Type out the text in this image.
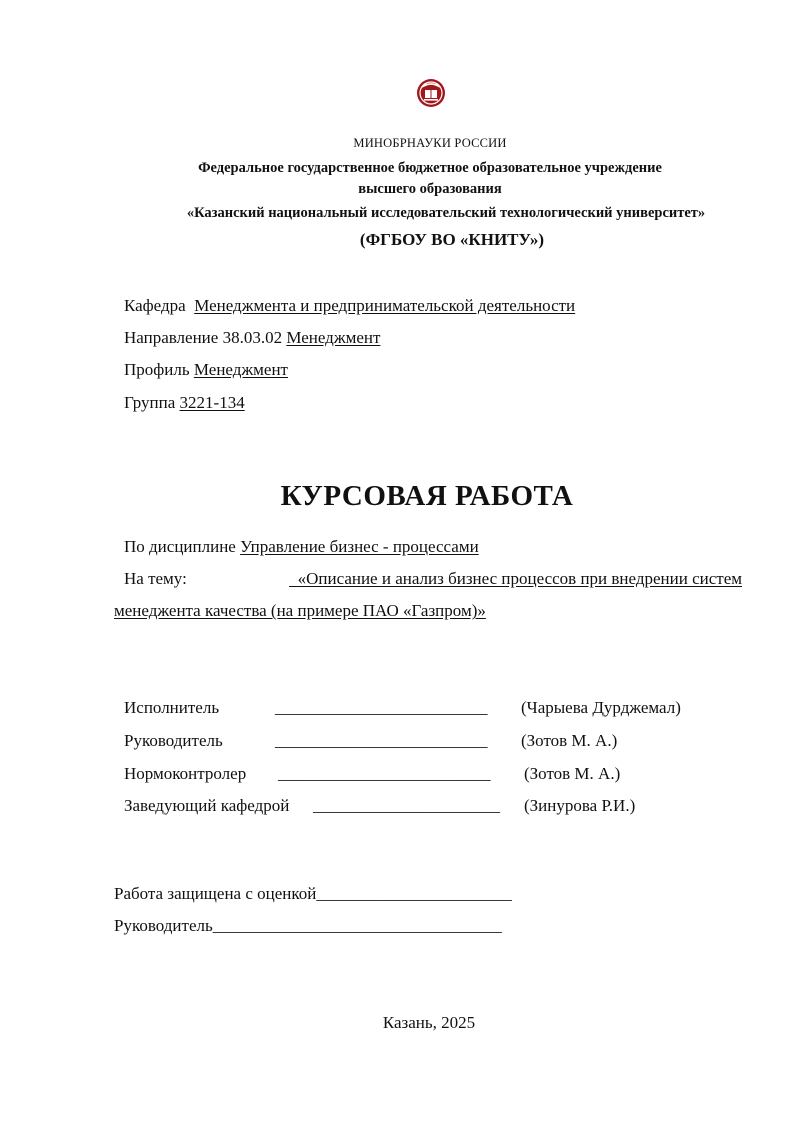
МИНОБРНАУКИ РОССИИ
Федеральное государственное бюджетное образовательное учреждение
высшего образования
«Казанский национальный исследовательский технологический университет»
(ФГБОУ ВО «КНИТУ»)
Кафедра Менеджмента и предпринимательской деятельности
Направление 38.03.02 Менеджмент
Профиль Менеджмент
Группа 3221-134
КУРСОВАЯ РАБОТА
По дисциплине Управление бизнес - процессами
На тему:	«Описание и анализ бизнес процессов при внедрении систем
менеджента качества (на примере ПАО «Газпром)»
Исполнитель	_________________________ (Чарыева Дурджемал)
Руководитель	_________________________ (Зотов М. А.)
Нормоконтролер _________________________ (Зотов М. А.)
Заведующий кафедрой ______________________ (Зинурова Р.И.)
Работа защищена с оценкой_______________________
Руководитель__________________________________
Казань, 2025
